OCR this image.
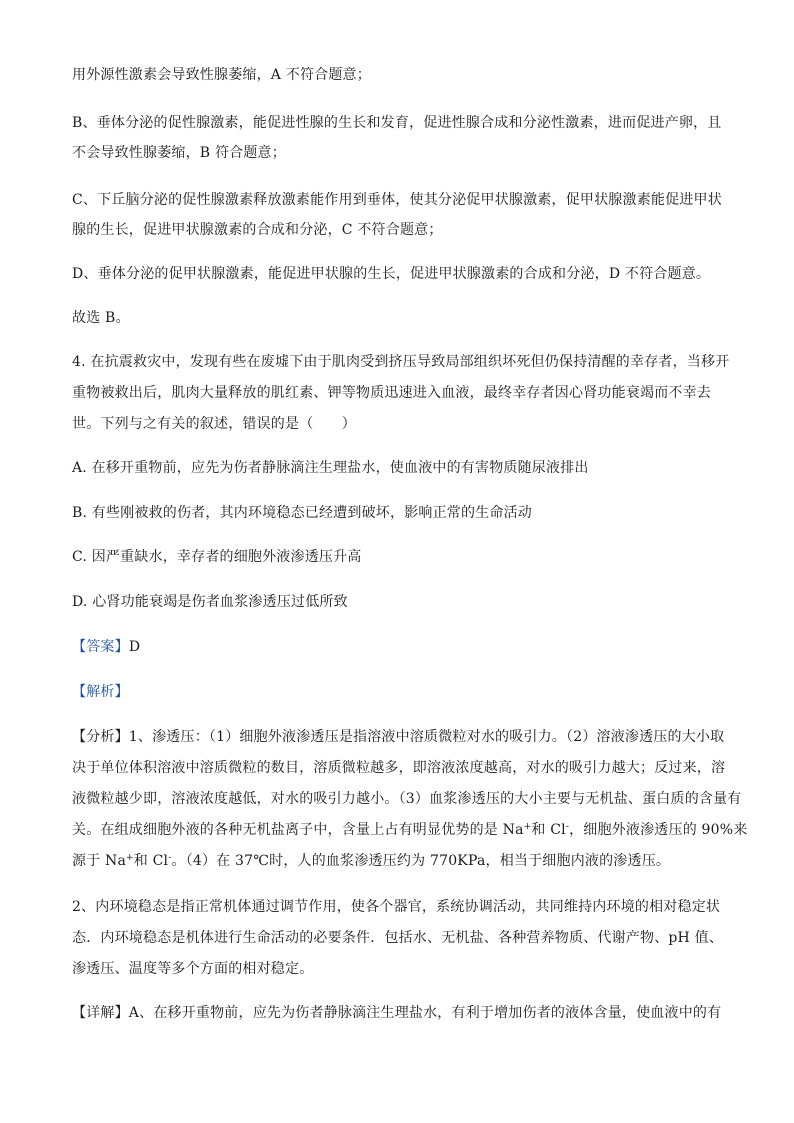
用外源性激素会导致性腺萎缩，A 不符合题意；
B、垂体分泌的促性腺激素，能促进性腺的生长和发育，促进性腺合成和分泌性激素，进而促进产卵，且
不会导致性腺萎缩，B 符合题意；
C、下丘脑分泌的促性腺激素释放激素能作用到垂体，使其分泌促甲状腺激素，促甲状腺激素能促进甲状
腺的生长，促进甲状腺激素的合成和分泌，C 不符合题意；
D、垂体分泌的促甲状腺激素，能促进甲状腺的生长，促进甲状腺激素的合成和分泌，D 不符合题意。
故选 B。
4. 在抗震救灾中，发现有些在废墟下由于肌肉受到挤压导致局部组织坏死但仍保持清醒的幸存者，当移开
重物被救出后，肌肉大量释放的肌红素、钾等物质迅速进入血液，最终幸存者因心肾功能衰竭而不幸去
世。下列与之有关的叙述，错误的是（　　）
A. 在移开重物前，应先为伤者静脉滴注生理盐水，使血液中的有害物质随尿液排出
B. 有些刚被救的伤者，其内环境稳态已经遭到破坏，影响正常的生命活动
C. 因严重缺水，幸存者的细胞外液渗透压升高
D. 心肾功能衰竭是伤者血浆渗透压过低所致
【答案】D
【解析】
【分析】1、渗透压：（1）细胞外液渗透压是指溶液中溶质微粒对水的吸引力。（2）溶液渗透压的大小取
决于单位体积溶液中溶质微粒的数目，溶质微粒越多，即溶液浓度越高，对水的吸引力越大；反过来，溶
液微粒越少即，溶液浓度越低，对水的吸引力越小。（3）血浆渗透压的大小主要与无机盐、蛋白质的含量有
关。在组成细胞外液的各种无机盐离子中，含量上占有明显优势的是 Na+和 Cl-，细胞外液渗透压的 90%来
源于 Na+和 Cl-。（4）在 37℃时，人的血浆渗透压约为 770KPa，相当于细胞内液的渗透压。
2、内环境稳态是指正常机体通过调节作用，使各个器官，系统协调活动，共同维持内环境的相对稳定状
态．内环境稳态是机体进行生命活动的必要条件．包括水、无机盐、各种营养物质、代谢产物、pH 值、
渗透压、温度等多个方面的相对稳定。
【详解】A、在移开重物前，应先为伤者静脉滴注生理盐水，有利于增加伤者的液体含量，使血液中的有
